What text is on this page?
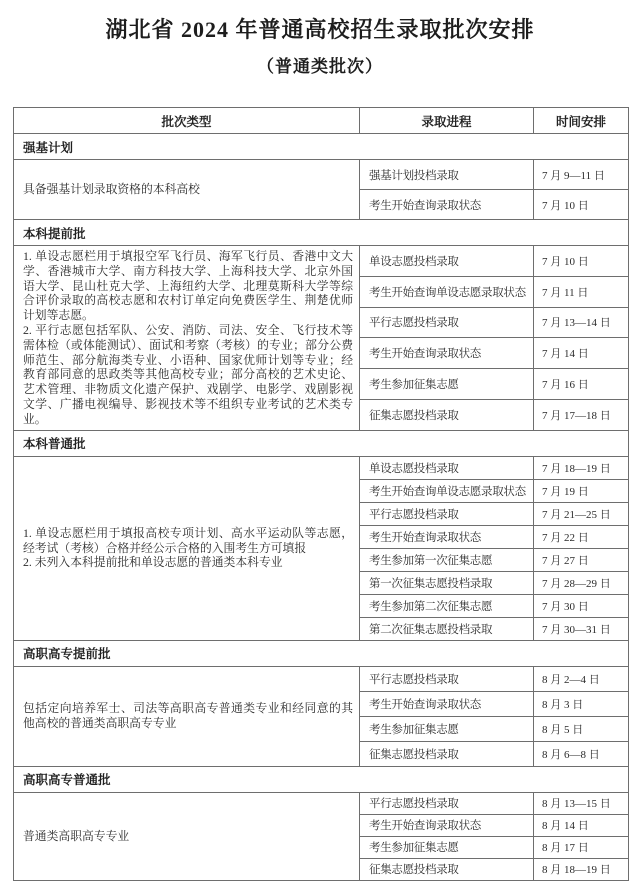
湖北省 2024 年普通高校招生录取批次安排
（普通类批次）
批次类型	录取进程	时间安排
强基计划		

具备强基计划录取资格的本科高校	强基计划投档录取	7 月 9—11 日
	考生开始查询录取状态	7 月 10 日
本科提前批		

1. 单设志愿栏用于填报空军飞行员、海军飞行员、香港中文大学、香港城市大学、南方科技大学、上海科技大学、北京外国语大学、昆山杜克大学、上海纽约大学、北理莫斯科大学等综合评价录取的高校志愿和农村订单定向免费医学生、荆楚优师计划等志愿。

2. 平行志愿包括军队、公安、消防、司法、安全、飞行技术等需体检（或体能测试）、面试和考察（考核）的专业；部分公费师范生、部分航海类专业、小语种、国家优师计划等专业；经教育部同意的思政类等其他高校专业；部分高校的艺术史论、艺术管理、非物质文化遗产保护、戏剧学、电影学、戏剧影视文学、广播电视编导、影视技术等不组织专业考试的艺术类专业。	单设志愿投档录取	7 月 10 日
	考生开始查询单设志愿录取状态	7 月 11 日
	平行志愿投档录取	7 月 13—14 日
	考生开始查询录取状态	7 月 14 日
	考生参加征集志愿	7 月 16 日
	征集志愿投档录取	7 月 17—18 日
本科普通批		

1. 单设志愿栏用于填报高校专项计划、高水平运动队等志愿，经考试（考核）合格并经公示合格的入围考生方可填报

2. 未列入本科提前批和单设志愿的普通类本科专业	单设志愿投档录取	7 月 18—19 日
	考生开始查询单设志愿录取状态	7 月 19 日
	平行志愿投档录取	7 月 21—25 日
	考生开始查询录取状态	7 月 22 日
	考生参加第一次征集志愿	7 月 27 日
	第一次征集志愿投档录取	7 月 28—29 日
	考生参加第二次征集志愿	7 月 30 日
	第二次征集志愿投档录取	7 月 30—31 日
高职高专提前批		

包括定向培养军士、司法等高职高专普通类专业和经同意的其他高校的普通类高职高专专业	平行志愿投档录取	8 月 2—4 日
	考生开始查询录取状态	8 月 3 日
	考生参加征集志愿	8 月 5 日
	征集志愿投档录取	8 月 6—8 日
高职高专普通批		

普通类高职高专专业	平行志愿投档录取	8 月 13—15 日
	考生开始查询录取状态	8 月 14 日
	考生参加征集志愿	8 月 17 日
	征集志愿投档录取	8 月 18—19 日
